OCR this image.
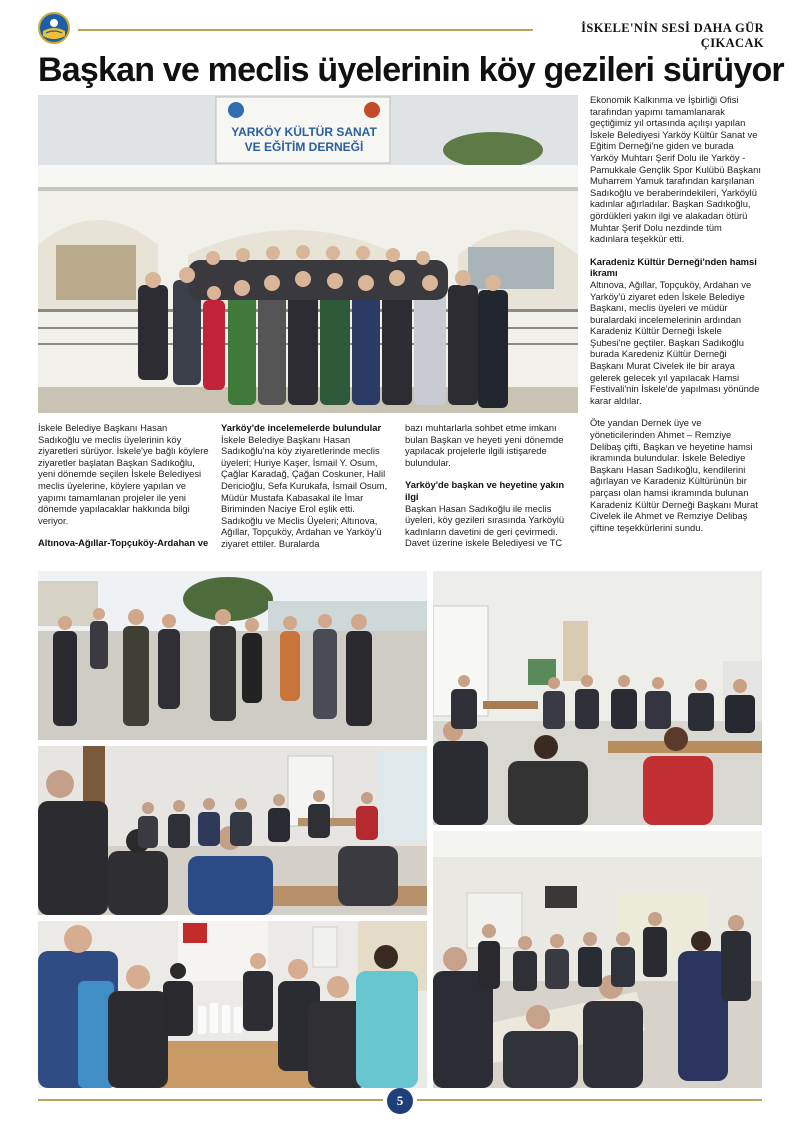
İSKELE'NİN SESİ DAHA GÜR ÇIKACAK
Başkan ve meclis üyelerinin köy gezileri sürüyor
YARKÖY KÜLTÜR SANAT
VE EĞİTİM DERNEĞİ

Ekonomik Kalkınma ve İşbirliği Ofisi tarafından yapımı tamamlanarak geçtiğimiz yıl ortasında açılışı yapılan İskele Belediyesi Yarköy Kültür Sanat ve Eğitim Derneği'ne giden ve burada Yarköy Muhtarı Şerif Dolu ile Yarköy -Pamukkale Gençlik Spor Kulübü Başkanı Muharrem Yamuk tarafından karşılanan Sadıkoğlu ve beraberindekileri, Yarköylü kadınlar ağırladılar. Başkan Sadıkoğlu, gördükleri yakın ilgi ve alakadan ötürü Muhtar Şerif Dolu nezdinde tüm kadınlara teşekkür etti.

Karadeniz Kültür Derneği'nden hamsi ikramı

Altınova, Ağıllar, Topçuköy, Ardahan ve Yarköy'ü ziyaret eden İskele Belediye Başkanı, meclis üyeleri ve müdür buralardaki incelemelerinin ardından Karadeniz Kültür Derneği İskele Şubesi'ne geçtiler. Başkan Sadıkoğlu burada Karedeniz Kültür Derneği Başkanı Murat Civelek ile bir araya gelerek gelecek yıl yapılacak Hamsi Festivali'nin İskele'de yapılması yönünde karar aldılar.

Öte yandan Dernek üye ve yöneticilerinden Ahmet – Remziye Delibaş çifti, Başkan ve heyetine hamsi ikramında bulundular. İskele Belediye Başkanı Hasan Sadıkoğlu, kendilerini ağırlayan ve Karadeniz Kültürünün bir parçası olan hamsi ikramında bulunan Karadeniz Kültür Derneği Başkanı Murat Civelek ile Ahmet ve Remziye Delibaş çiftine teşekkürlerini sundu.

İskele Belediye Başkanı Hasan Sadıkoğlu ve meclis üyelerinin köy ziyaretleri sürüyor. İskele'ye bağlı köylere ziyaretler başlatan Başkan Sadıkoğlu, yeni dönemde seçilen İskele Belediyesi meclis üyelerine, köylere yapılan ve yapımı tamamlanan projeler ile yeni dönemde yapılacaklar hakkında bilgi veriyor.

Altınova-Ağıllar-Topçuköy-Ardahan ve

Yarköy'de incelemelerde bulundular

İskele Belediye Başkanı Hasan Sadıkoğlu'na köy ziyaretlerinde meclis üyeleri; Huriye Kaşer, İsmail Y. Osum, Çağlar Karadağ, Çağan Coskuner, Halil Dericioğlu, Sefa Kurukafa, İsmail Osum, Müdür Mustafa Kabasakal ile İmar Biriminden Naciye Erol eşlik etti. Sadıkoğlu ve Meclis Üyeleri; Altınova, Ağıllar, Topçuköy, Ardahan ve Yarköy'ü ziyaret ettiler. Buralarda

bazı muhtarlarla sohbet etme imkanı bulan Başkan ve heyeti yeni dönemde yapılacak projelerle ilgili istişarede bulundular.

Yarköy'de başkan ve heyetine yakın ilgi

Başkan Hasan Sadıkoğlu ile meclis üyeleri, köy gezileri sırasında Yarköylü kadınların davetini de geri çevirmedi. Davet üzerine iskele Belediyesi ve TC

5
